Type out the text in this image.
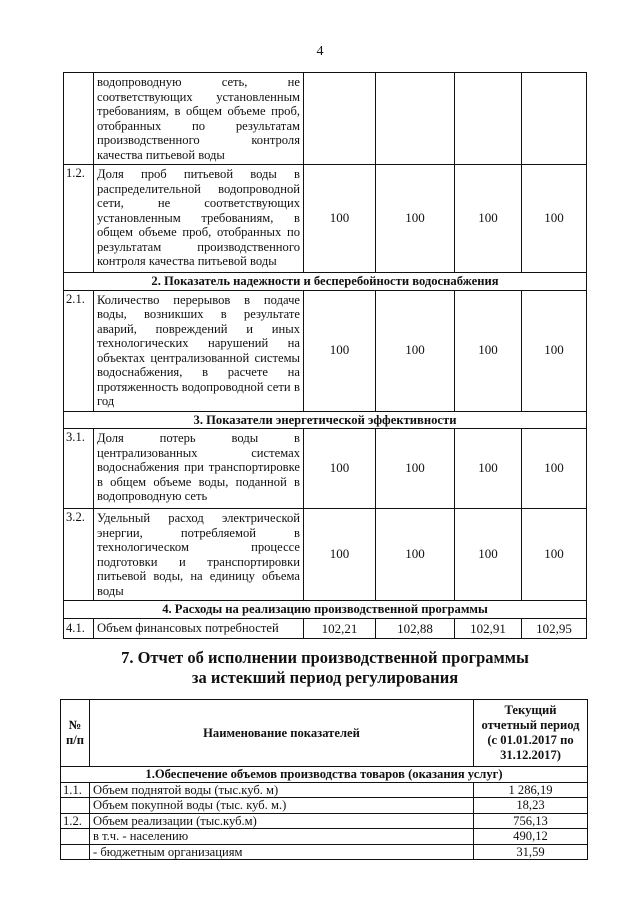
4
	водопроводную сеть, не соответствующих установленным требованиям, в общем объеме проб, отобранных по результатам производственного контроля качества питьевой воды				
1.2.	Доля проб питьевой воды в распределительной водопроводной сети, не соответствующих установленным требованиям, в общем объеме проб, отобранных по результатам производственного контроля качества питьевой воды	100	100	100	100
2. Показатель надежности и бесперебойности водоснабжения					
2.1.	Количество перерывов в подаче воды, возникших в результате аварий, повреждений и иных технологических нарушений на объектах централизованной системы водоснабжения, в расчете на протяженность водопроводной сети в год	100	100	100	100
3. Показатели энергетической эффективности					
3.1.	Доля потерь воды в централизованных системах водоснабжения при транспортировке в общем объеме воды, поданной в водопроводную сеть	100	100	100	100
3.2.	Удельный расход электрической энергии, потребляемой в технологическом процессе подготовки и транспортировки питьевой воды, на единицу объема воды	100	100	100	100
4. Расходы на реализацию производственной программы					
4.1.	Объем финансовых потребностей	102,21	102,88	102,91	102,95
7. Отчет об исполнении производственной программы
за истекший период регулирования
№ п/п	Наименование показателей	Текущий отчетный период (с 01.01.2017 по 31.12.2017)
1.Обеспечение объемов производства товаров (оказания услуг)		
1.1.	Объем поднятой воды (тыс.куб. м)	1 286,19
	Объем покупной воды (тыс. куб. м.)	18,23
1.2.	Объем реализации (тыс.куб.м)	756,13
	в т.ч. - населению	490,12
	- бюджетным организациям	31,59
